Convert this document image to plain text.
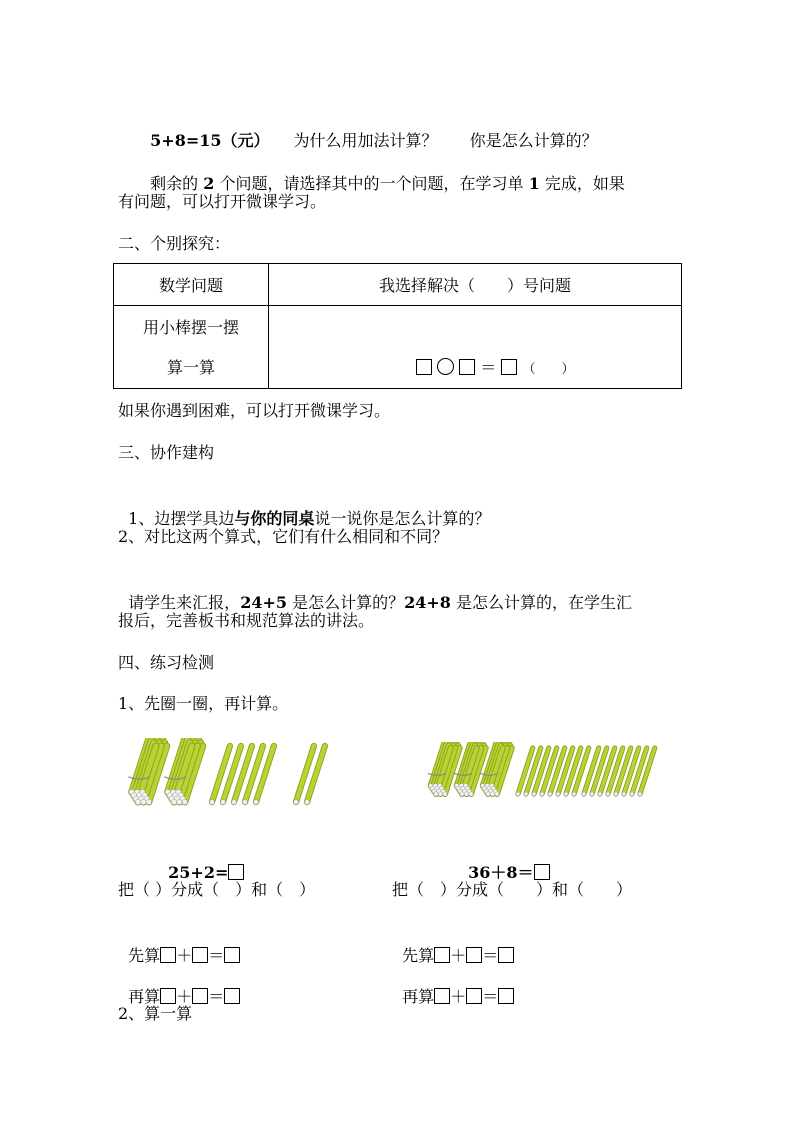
5+8=15（元）　　 为什么用加法计算？　　 你是怎么计算的？

剩余的 2 个问题，请选择其中的一个问题，在学习单 1 完成，如果

有问题，可以打开微课学习。
二、个别探究：
数学问题	我选择解决（　　）号问题

用小棒摆一摆
算一算	＝ （　　）
如果你遇到困难，可以打开微课学习。
三、协作建构

1、边摆学具边与你的同桌说一说你是怎么计算的？

2、对比这两个算式，它们有什么相同和不同？

请学生来汇报，24+5 是怎么计算的？24+8 是怎么计算的，在学生汇

报后，完善板书和规范算法的讲法。
四、练习检测
1、先圈一圈，再计算。

25+2=	36＋8＝

把（ ）分成（　）和（　）	把（　）分成（　　）和（　　）

先算 ＋ ＝	先算 ＋ ＝

再算 ＋ ＝	再算 ＋ ＝

2、算一算
